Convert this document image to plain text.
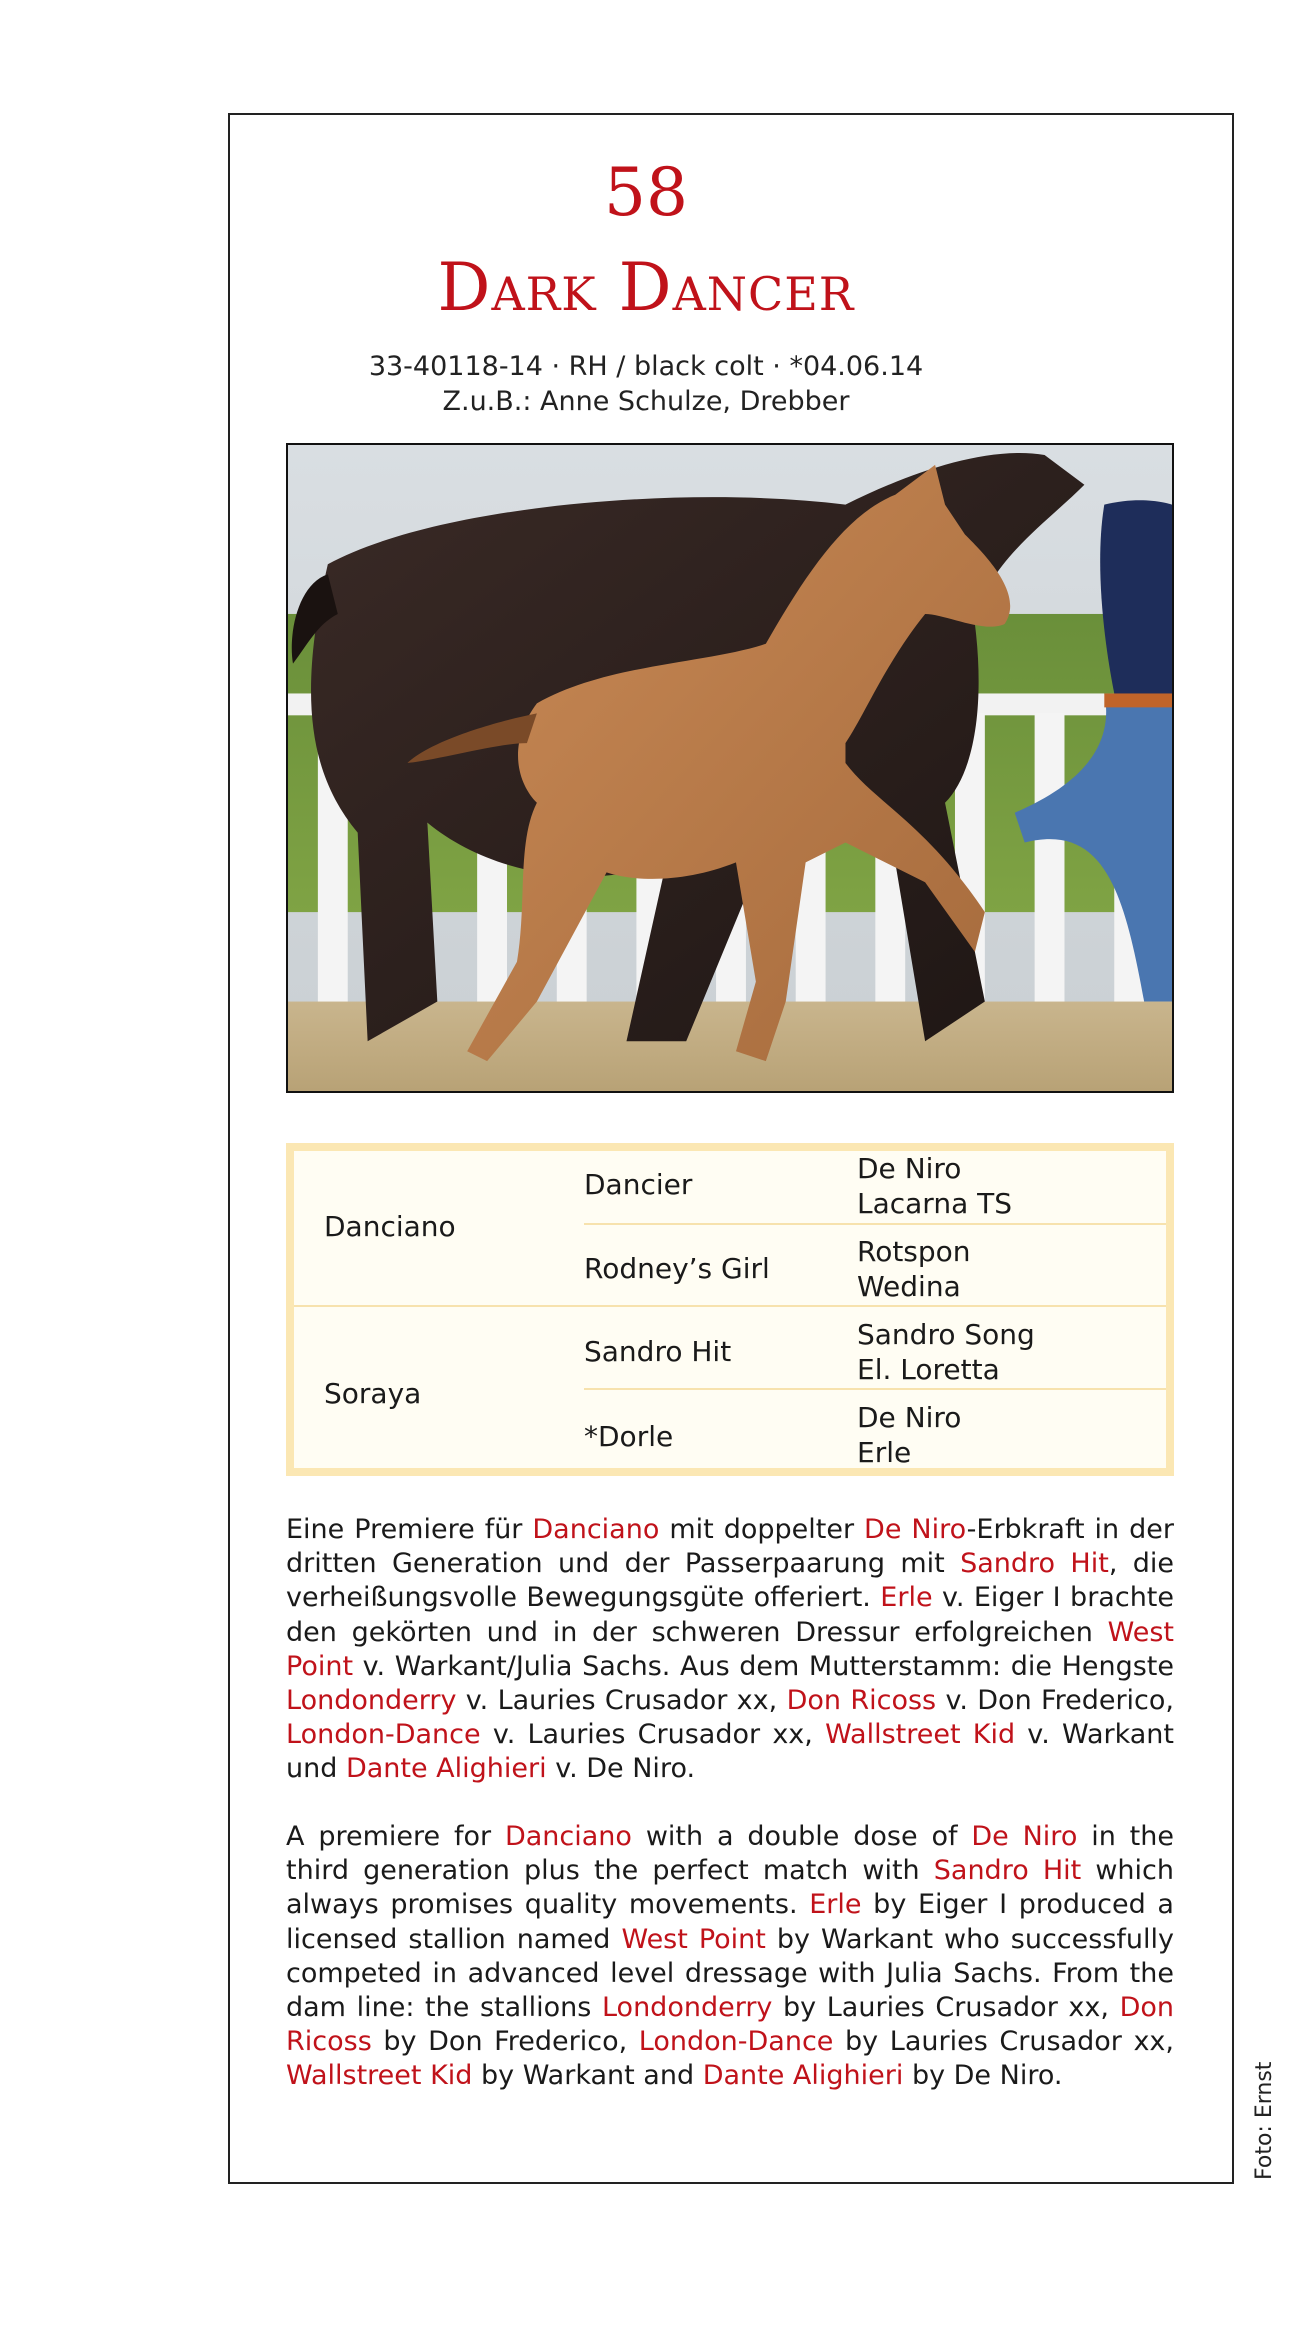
58
Dark Dancer
33-40118-14 · RH / black colt · *04.06.14
Z.u.B.: Anne Schulze, Drebber
Danciano
Soraya
Dancier
Rodney’s Girl
Sandro Hit
*Dorle
De Niro
Lacarna TS
Rotspon
Wedina
Sandro Song
El. Loretta
De Niro
Erle

Eine Premiere für Danciano mit doppelter De Niro-Erbkraft in der dritten Generation und der Passerpaarung mit Sandro Hit, die verheißungsvolle Bewegungsgüte offeriert. Erle v. Eiger I brachte den gekörten und in der schweren Dressur erfolgreichen West Point v. Warkant/Julia Sachs. Aus dem Mutterstamm: die Hengste Londonderry v. Lauries Crusador xx, Don Ricoss v. Don Frederico, London-Dance v. Lauries Crusador xx, Wallstreet Kid v. Warkant und Dante Alighieri v. De Niro.

A premiere for Danciano with a double dose of De Niro in the third generation plus the perfect match with Sandro Hit which always promises quality movements. Erle by Eiger I produced a licensed stallion named West Point by Warkant who successfully competed in advanced level dressage with Julia Sachs. From the dam line: the stallions Londonderry by Lauries Crusador xx, Don Ricoss by Don Frederico, London-Dance by Lauries Crusador xx, Wallstreet Kid by Warkant and Dante Alighieri by De Niro.	Foto: Ernst
